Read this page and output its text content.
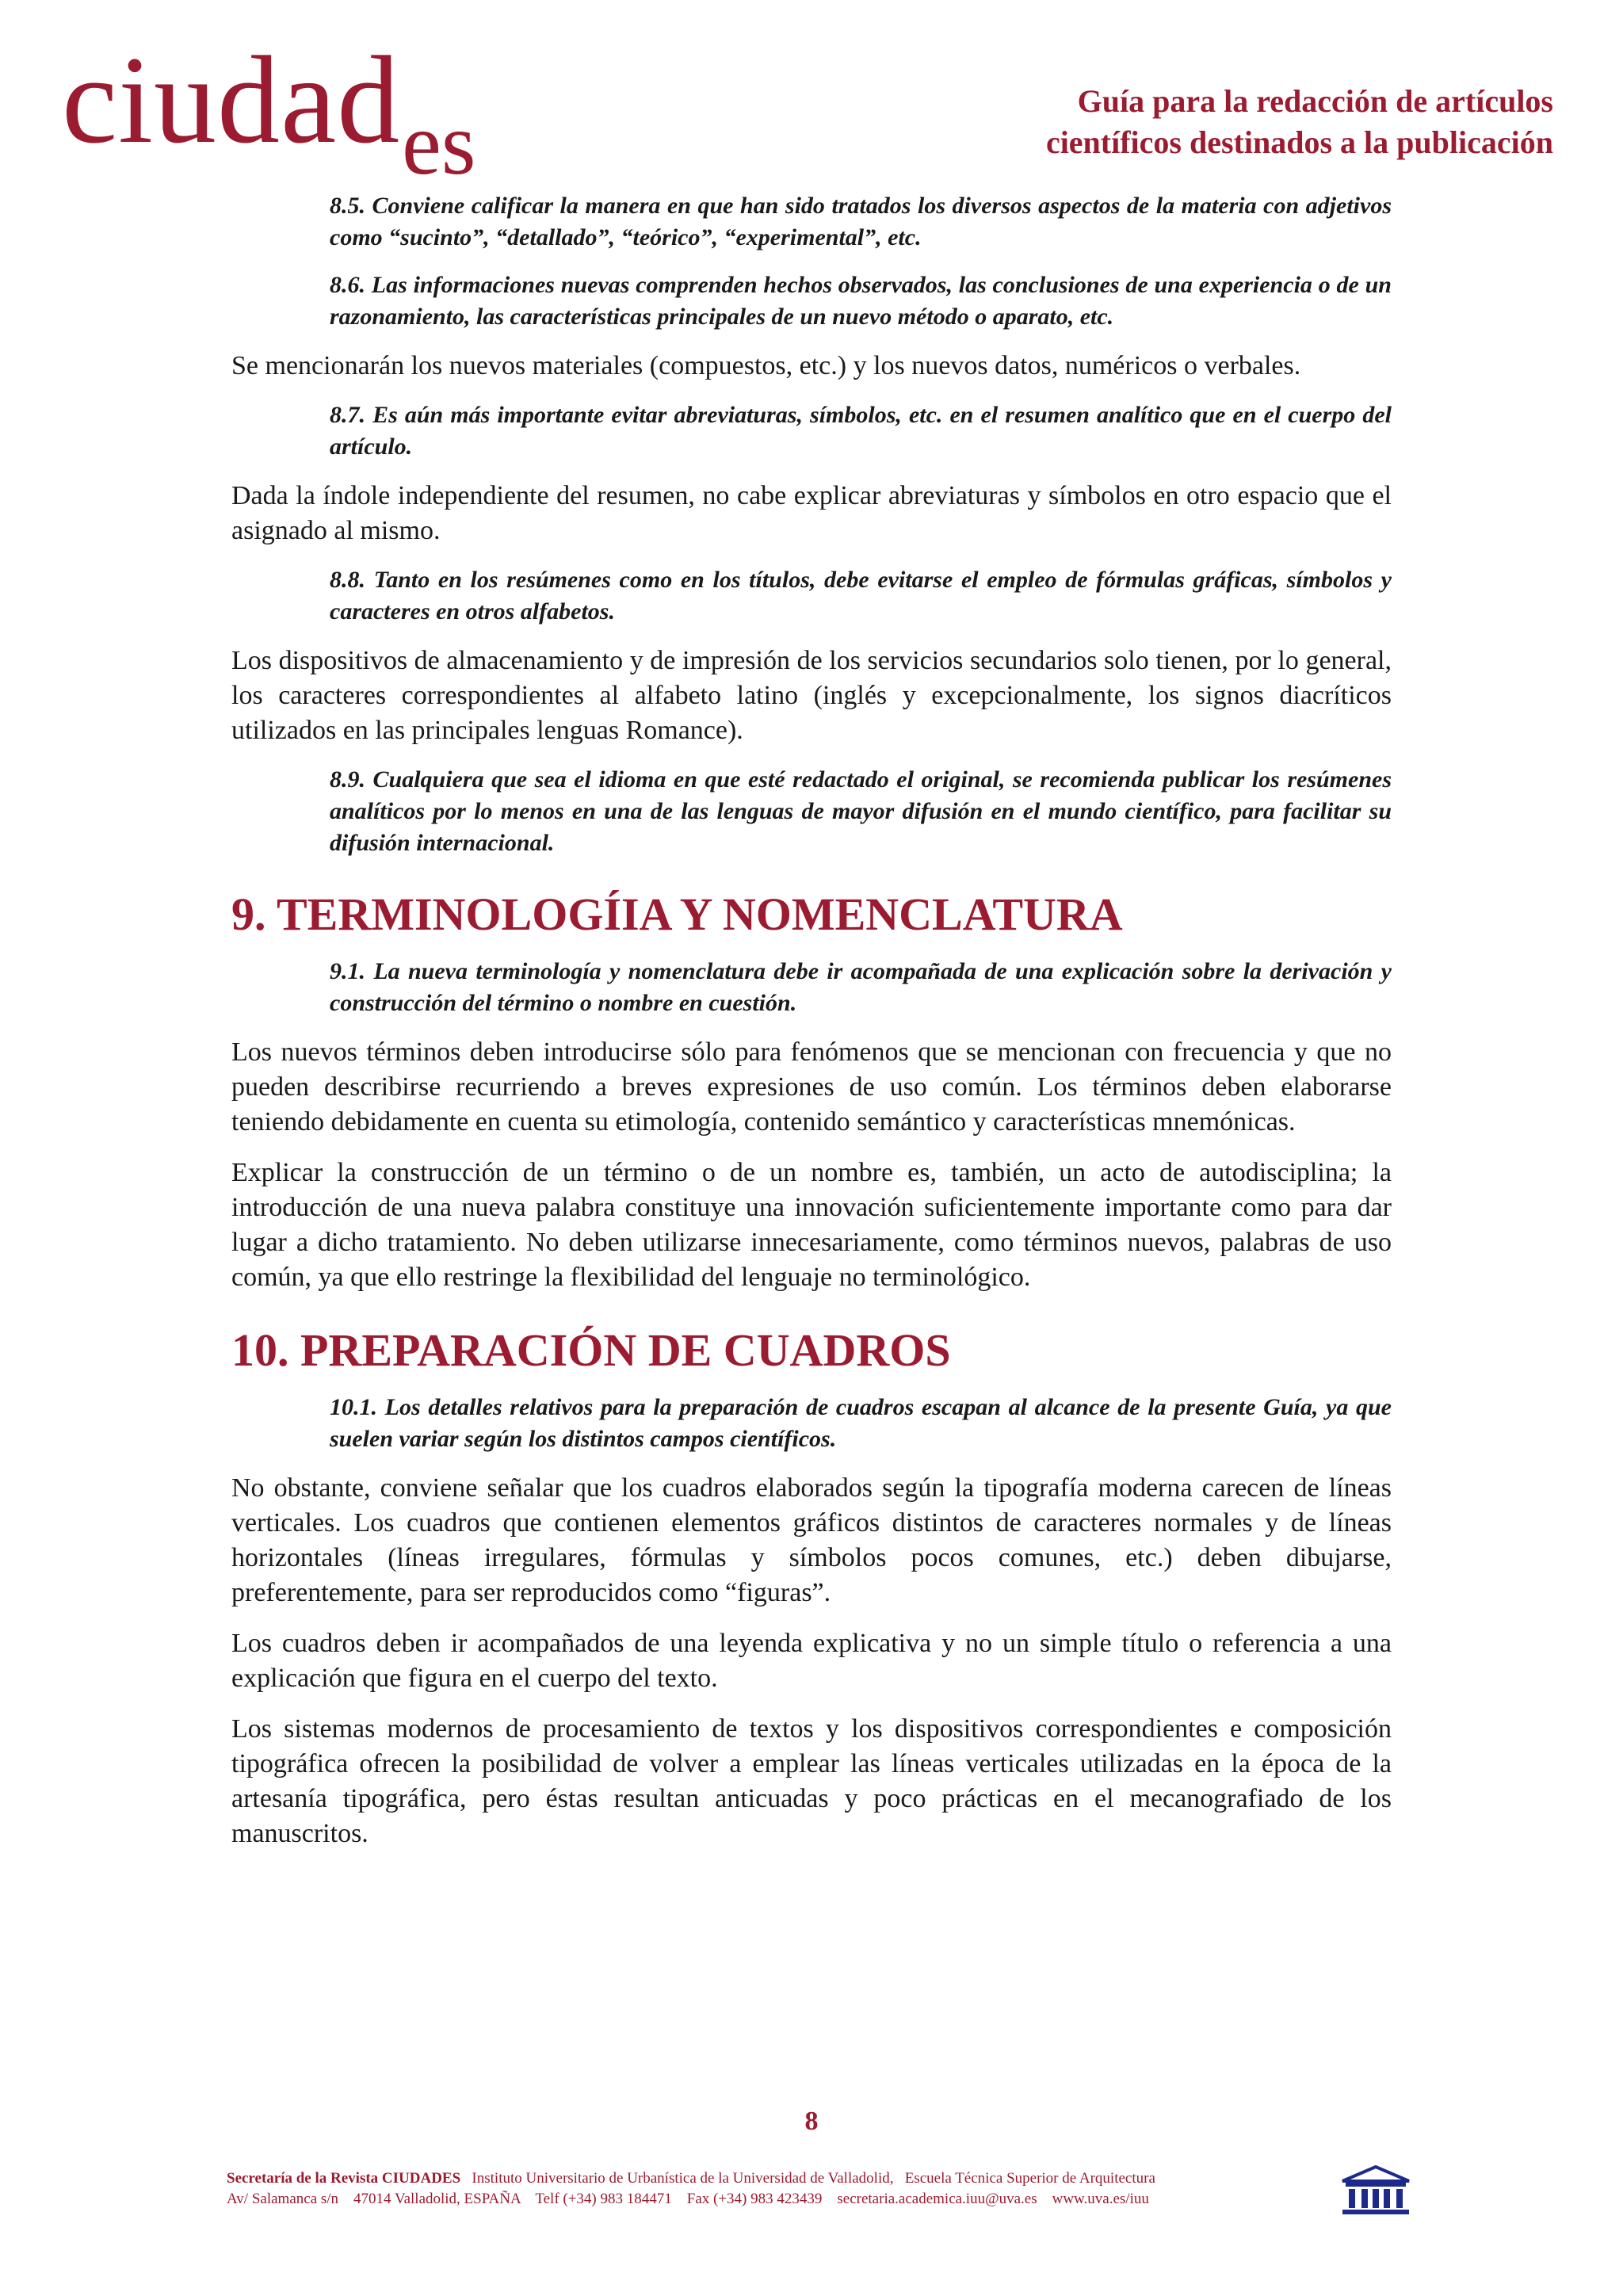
ciudades	Guía para la redacción de artículos
científicos destinados a la publicación
8.5. Conviene calificar la manera en que han sido tratados los diversos aspectos de la materia con adjetivos como “sucinto”, “detallado”, “teórico”, “experimental”, etc.
8.6. Las informaciones nuevas comprenden hechos observados, las conclusiones de una experiencia o de un razonamiento, las características principales de un nuevo método o aparato, etc.
Se mencionarán los nuevos materiales (compuestos, etc.) y los nuevos datos, numéricos o verbales.
8.7. Es aún más importante evitar abreviaturas, símbolos, etc. en el resumen analítico que en el cuerpo del artículo.
Dada la índole independiente del resumen, no cabe explicar abreviaturas y símbolos en otro espacio que el asignado al mismo.
8.8. Tanto en los resúmenes como en los títulos, debe evitarse el empleo de fórmulas gráficas, símbolos y caracteres en otros alfabetos.
Los dispositivos de almacenamiento y de impresión de los servicios secundarios solo tienen, por lo general, los caracteres correspondientes al alfabeto latino (inglés y excepcionalmente, los signos diacríticos utilizados en las principales lenguas Romance).
8.9. Cualquiera que sea el idioma en que esté redactado el original, se recomienda publicar los resúmenes analíticos por lo menos en una de las lenguas de mayor difusión en el mundo científico, para facilitar su difusión internacional.
9. TERMINOLOGÍIA Y NOMENCLATURA
9.1. La nueva terminología y nomenclatura debe ir acompañada de una explicación sobre la derivación y construcción del término o nombre en cuestión.
Los nuevos términos deben introducirse sólo para fenómenos que se mencionan con frecuencia y que no pueden describirse recurriendo a breves expresiones de uso común. Los términos deben elaborarse teniendo debidamente en cuenta su etimología, contenido semántico y características mnemónicas.
Explicar la construcción de un término o de un nombre es, también, un acto de autodisciplina; la introducción de una nueva palabra constituye una innovación suficientemente importante como para dar lugar a dicho tratamiento. No deben utilizarse innecesariamente, como términos nuevos, palabras de uso común, ya que ello restringe la flexibilidad del lenguaje no terminológico.
10. PREPARACIÓN DE CUADROS
10.1. Los detalles relativos para la preparación de cuadros escapan al alcance de la presente Guía, ya que suelen variar según los distintos campos científicos.
No obstante, conviene señalar que los cuadros elaborados según la tipografía moderna carecen de líneas verticales. Los cuadros que contienen elementos gráficos distintos de caracteres normales y de líneas horizontales (líneas irregulares, fórmulas y símbolos pocos comunes, etc.) deben dibujarse, preferentemente, para ser reproducidos como “figuras”.
Los cuadros deben ir acompañados de una leyenda explicativa y no un simple título o referencia a una explicación que figura en el cuerpo del texto.
Los sistemas modernos de procesamiento de textos y los dispositivos correspondientes e composición tipográfica ofrecen la posibilidad de volver a emplear las líneas verticales utilizadas en la época de la artesanía tipográfica, pero éstas resultan anticuadas y poco prácticas en el mecanografiado de los manuscritos.
8
Secretaría de la Revista CIUDADES   Instituto Universitario de Urbanística de la Universidad de Valladolid,   Escuela Técnica Superior de Arquitectura
Av/ Salamanca s/n    47014 Valladolid, ESPAÑA    Telf (+34) 983 184471    Fax (+34) 983 423439    secretaria.academica.iuu@uva.es    www.uva.es/iuu
